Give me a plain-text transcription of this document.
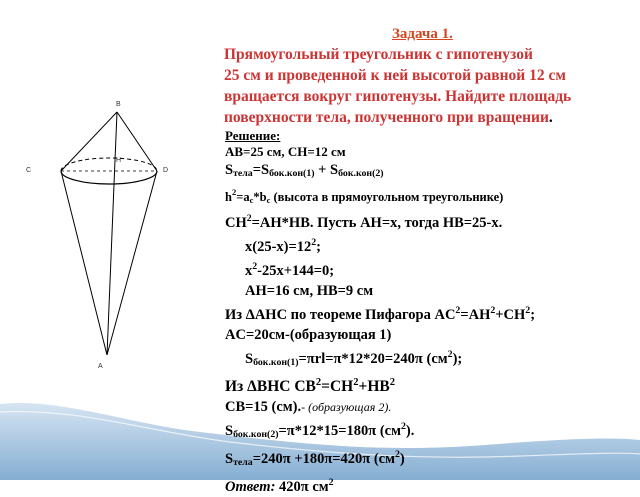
B
C	D
H
A
Задача 1.
Прямоугольный треугольник с гипотенузой
25 см и проведенной к ней высотой равной 12 см
вращается вокруг гипотенузы. Найдите площадь
поверхности тела, полученного при вращении.
Решение:
AB=25 см, CH=12 см
$S_{тела}=S_{бок.кон(1)} + S_{бок.кон(2)}$
$h^2=a_c*b_c$ (высота в прямоугольном треугольнике)
$CH^2=AH*HB$. Пусть AH=x, тогда HB=25-x.
$x(25-x)=12^2$;
$x^2-25x+144=0$;
AH=16 см, HB=9 см
Из ΔAHC по теореме Пифагора $AC^2=AH^2+CH^2$;
AC=20см-(образующая 1)
$S_{бок.кон(1)}=\pi rl=\pi*12*20=240\pi$ $(см^2)$;
Из ΔBHC $CB^2=CH^2+HB^2$
CB=15 (см).- (образующая 2).
$S_{бок.кон(2)}=\pi*12*15=180\pi$ $(см^2)$.
$S_{тела}=240\pi +180\pi=420\pi$ $(см^2)$
Ответ: 420π $см^2$
